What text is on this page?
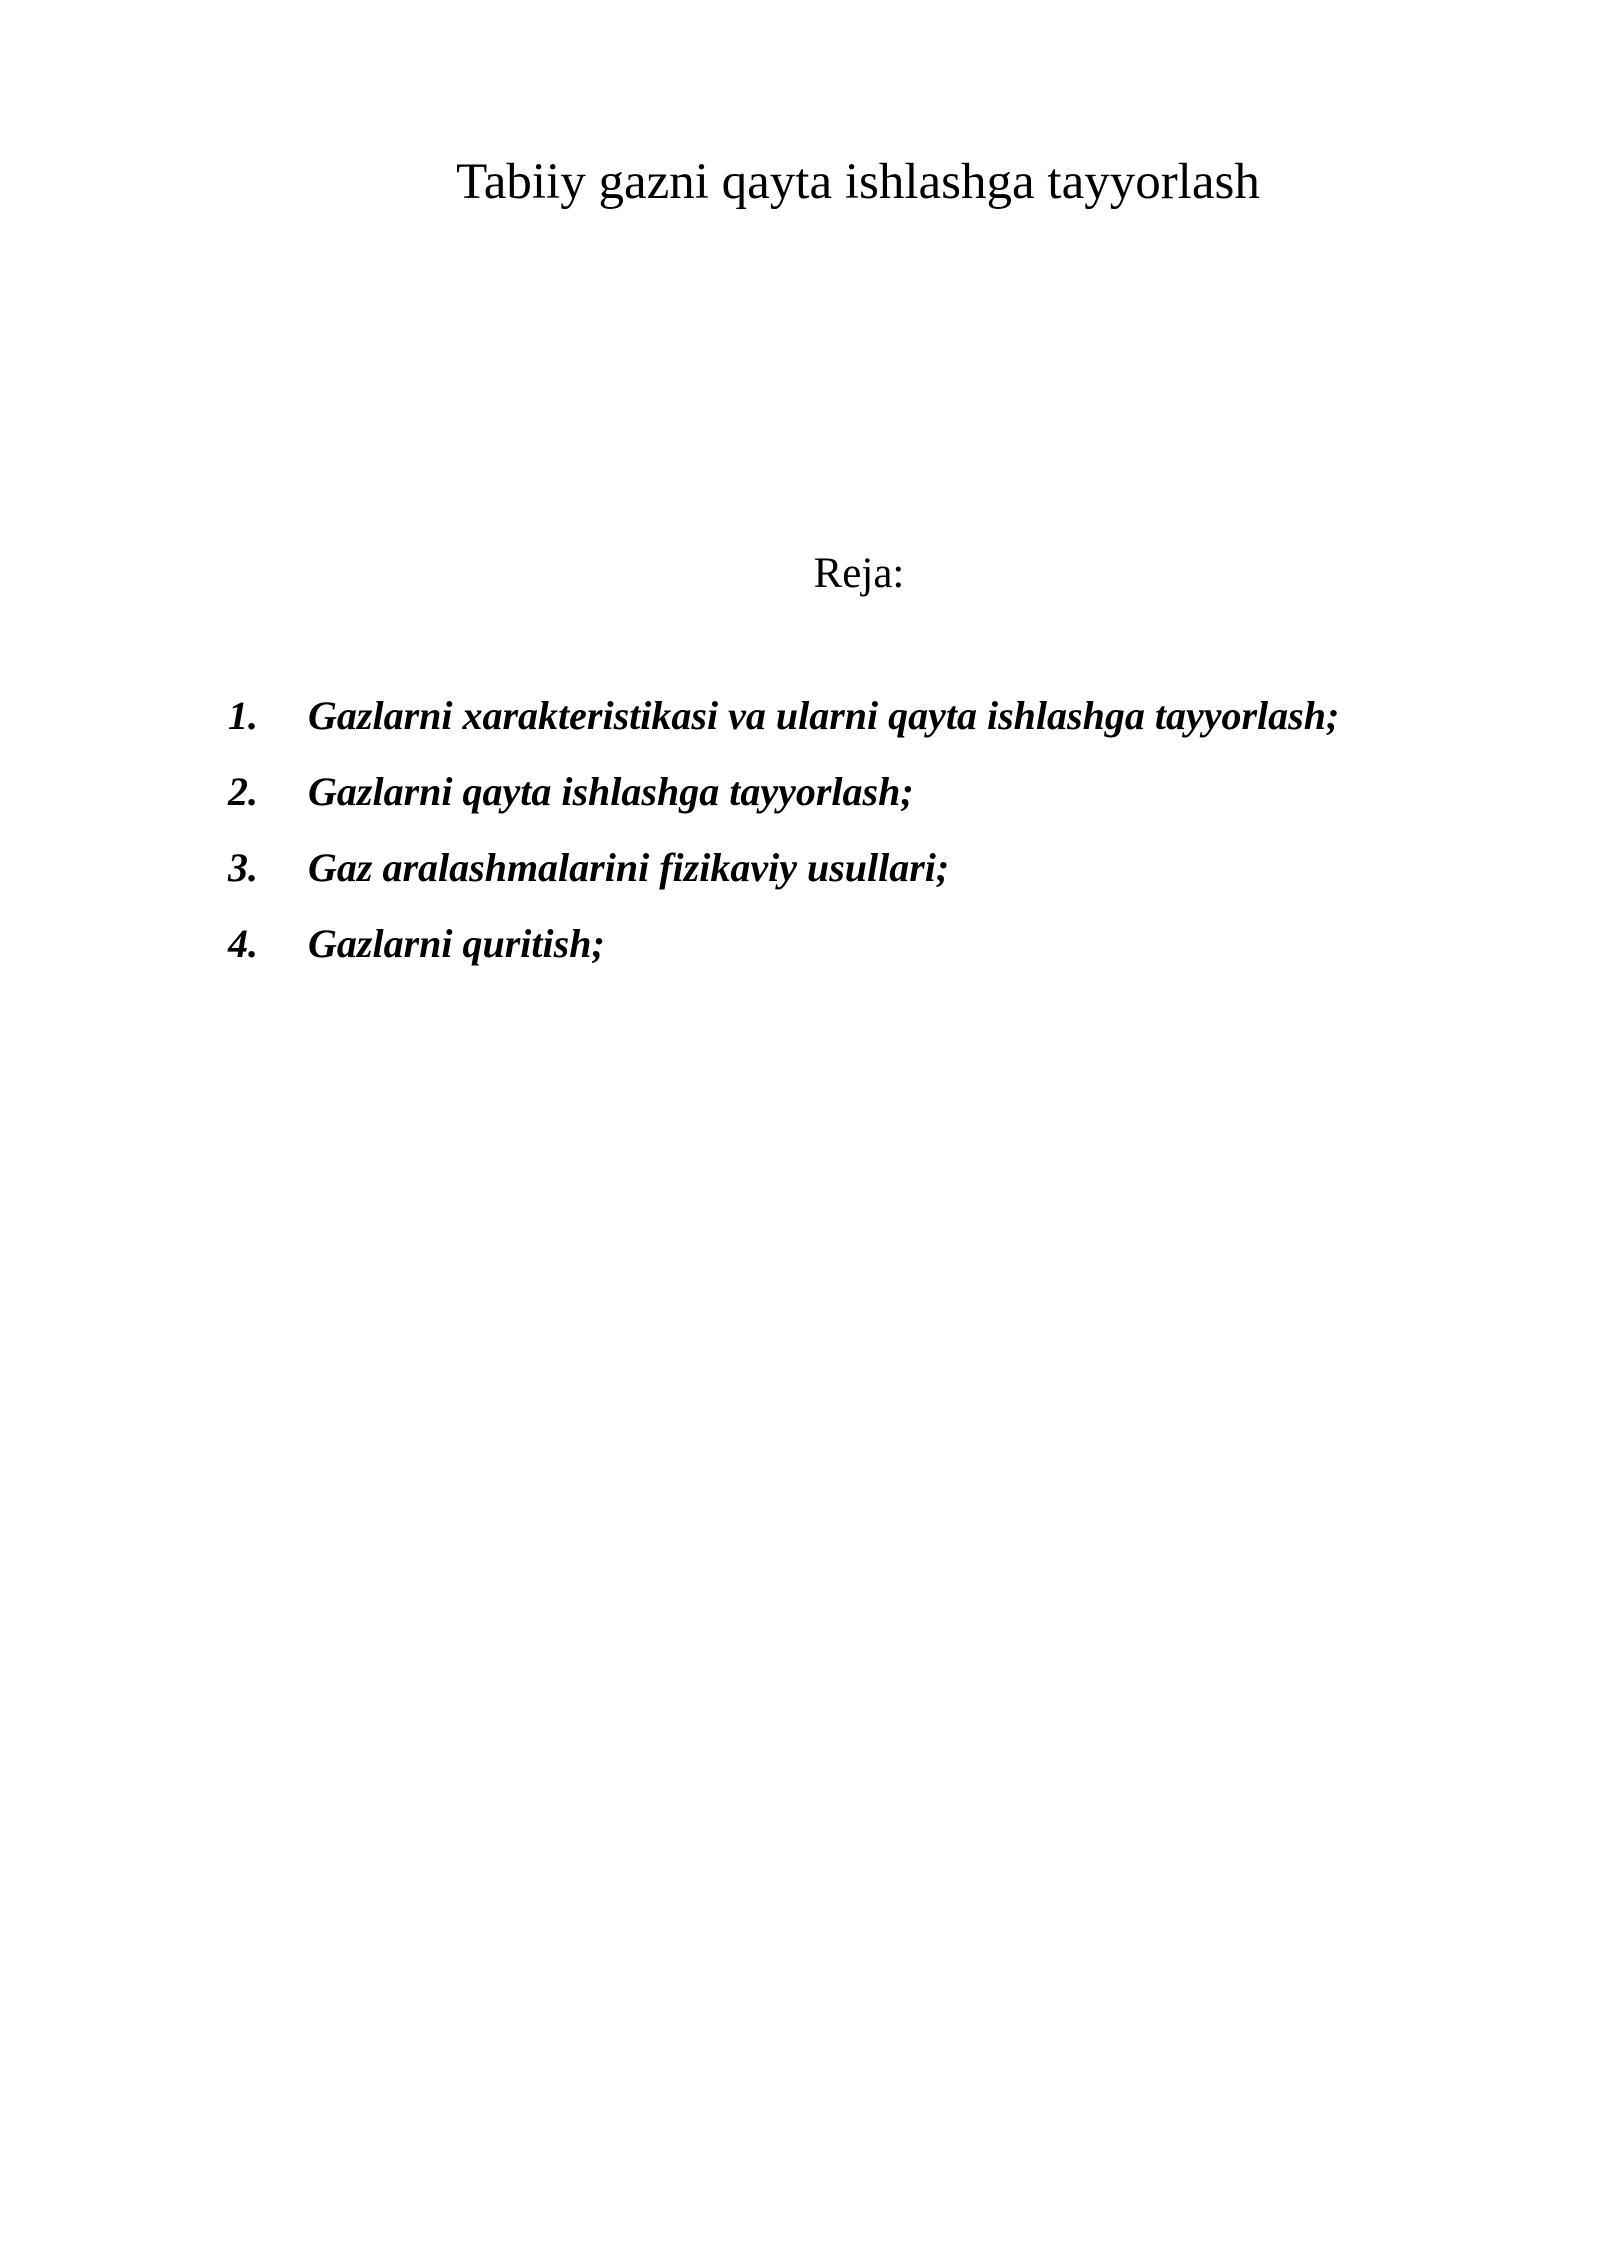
Tabiiy gazni qayta ishlashga tayyorlash
Reja:
1.	Gazlarni xarakteristikasi va ularni qayta ishlashga tayyorlash;
2.	Gazlarni qayta ishlashga tayyorlash;
3.	Gaz aralashmalarini fizikaviy usullari;
4.	Gazlarni quritish;
